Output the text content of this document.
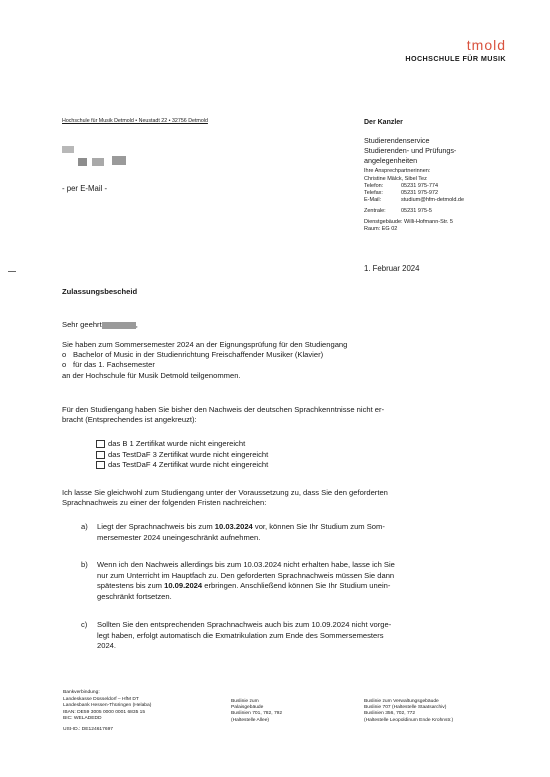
tmold
HOCHSCHULE FÜR MUSIK
Hochschule für Musik Detmold • Neustadt 22 • 32756 Detmold
- per E-Mail -
Der Kanzler
Studierendenservice
Studierenden- und Prüfungs-
angelegenheiten
Ihre Ansprechpartnerinnen:
Christine Mälck, Sibel Tez
Telefon:	05231 975-774
Telefax:	05231 975-972
E-Mail:	studium@hfm-detmold.de
Zentrale:	05231 975-5
Dienstgebäude: Willi-Hofmann-Str. 5
Raum: EG 02
1. Februar 2024
Zulassungsbescheid
Sehr geehrt	,

Sie haben zum Sommersemester 2024 an der Eignungsprüfung für den Studiengang

o Bachelor of Music in der Studienrichtung Freischaffender Musiker (Klavier)

o für das 1. Fachsemester

an der Hochschule für Musik Detmold teilgenommen.

Für den Studiengang haben Sie bisher den Nachweis der deutschen Sprachkenntnisse nicht er-

bracht (Entsprechendes ist angekreuzt):

das B 1 Zertifikat wurde nicht eingereicht
das TestDaF 3 Zertifikat wurde nicht eingereicht
das TestDaF 4 Zertifikat wurde nicht eingereicht

Ich lasse Sie gleichwohl zum Studiengang unter der Voraussetzung zu, dass Sie den geforderten

Sprachnachweis zu einer der folgenden Fristen nachreichen:

a) Liegt der Sprachnachweis bis zum 10.03.2024 vor, können Sie Ihr Studium zum Som-
mersemester 2024 uneingeschränkt aufnehmen.
b) Wenn ich den Nachweis allerdings bis zum 10.03.2024 nicht erhalten habe, lasse ich Sie
nur zum Unterricht im Hauptfach zu. Den geforderten Sprachnachweis müssen Sie dann
spätestens bis zum 10.09.2024 erbringen. Anschließend können Sie Ihr Studium unein-
geschränkt fortsetzen.
c) Sollten Sie den entsprechenden Sprachnachweis auch bis zum 10.09.2024 nicht vorge-
legt haben, erfolgt automatisch die Exmatrikulation zum Ende des Sommersemesters
2024.
Bankverbindung:
Landeskasse Düsseldorf – HfM DT
Landesbank Hessen-Thüringen (Helaba)
IBAN: DE59 3005 0000 0001 6835 15
BIC: WELADEDD
USt-ID.: DE124617697
Buslinie zum
Palaisgebäude
Buslinien 701, 782, 792
(Haltestelle Allee)
Buslinie zum Verwaltungsgebäude
Buslinie 707 (Haltestelle Staatsarchiv)
Buslinien 356, 702, 772
(Haltestelle Leopoldinum Ende Krohnstr.)
